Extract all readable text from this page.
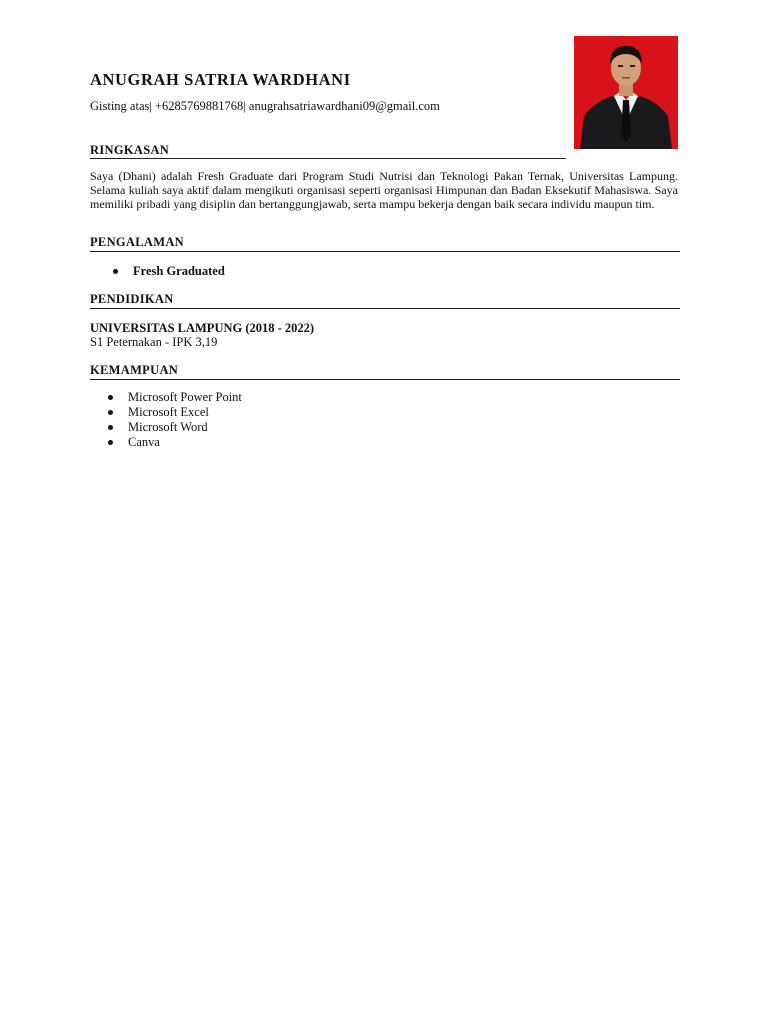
ANUGRAH SATRIA WARDHANI
Gisting atas| +6285769881768| anugrahsatriawardhani09@gmail.com
RINGKASAN

Saya (Dhani) adalah Fresh Graduate dari Program Studi Nutrisi dan Teknologi Pakan Ternak, Universitas Lampung. Selama kuliah saya aktif dalam mengikuti organisasi seperti organisasi Himpunan dan Badan Eksekutif Mahasiswa. Saya memiliki pribadi yang disiplin dan bertanggungjawab, serta mampu bekerja dengan baik secara individu maupun tim.

PENGALAMAN
Fresh Graduated
PENDIDIKAN
UNIVERSITAS LAMPUNG (2018 - 2022)
S1 Peternakan - IPK 3,19
KEMAMPUAN
Microsoft Power Point
Microsoft Excel
Microsoft Word
Canva
